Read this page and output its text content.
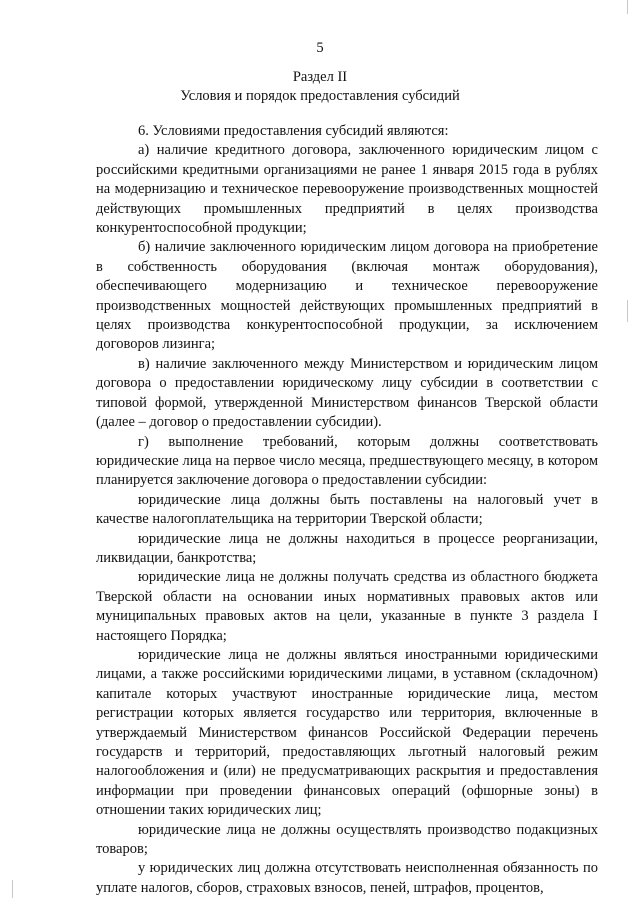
5
Раздел II
Условия и порядок предоставления субсидий

6. Условиями предоставления субсидий являются:

а) наличие кредитного договора, заключенного юридическим лицом с российскими кредитными организациями не ранее 1 января 2015 года в рублях на модернизацию и техническое перевооружение производственных мощностей действующих промышленных предприятий в целях производства конкурентоспособной продукции;

б) наличие заключенного юридическим лицом договора на приобретение в собственность оборудования (включая монтаж оборудования), обеспечивающего модернизацию и техническое перевооружение производственных мощностей действующих промышленных предприятий в целях производства конкурентоспособной продукции, за исключением договоров лизинга;

в) наличие заключенного между Министерством и юридическим лицом договора о предоставлении юридическому лицу субсидии в соответствии с типовой формой, утвержденной Министерством финансов Тверской области (далее – договор о предоставлении субсидии).

г) выполнение требований, которым должны соответствовать юридические лица на первое число месяца, предшествующего месяцу, в котором планируется заключение договора о предоставлении субсидии:

юридические лица должны быть поставлены на налоговый учет в качестве налогоплательщика на территории Тверской области;

юридические лица не должны находиться в процессе реорганизации, ликвидации, банкротства;

юридические лица не должны получать средства из областного бюджета Тверской области на основании иных нормативных правовых актов или муниципальных правовых актов на цели, указанные в пункте 3 раздела I настоящего Порядка;

юридические лица не должны являться иностранными юридическими лицами, а также российскими юридическими лицами, в уставном (складочном) капитале которых участвуют иностранные юридические лица, местом регистрации которых является государство или территория, включенные в утверждаемый Министерством финансов Российской Федерации перечень государств и территорий, предоставляющих льготный налоговый режим налогообложения и (или) не предусматривающих раскрытия и предоставления информации при проведении финансовых операций (офшорные зоны) в отношении таких юридических лиц;

юридические лица не должны осуществлять производство подакцизных товаров;

у юридических лиц должна отсутствовать неисполненная обязанность по уплате налогов, сборов, страховых взносов, пеней, штрафов, процентов,
